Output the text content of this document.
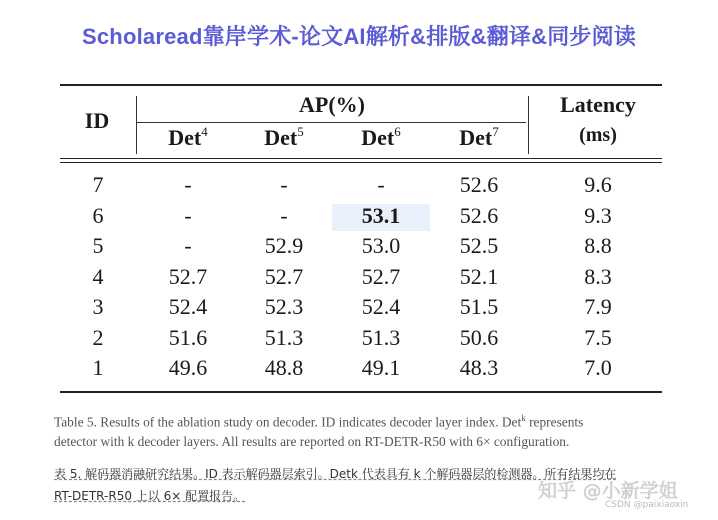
Scholaread靠岸学术-论文AI解析&排版&翻译&同步阅读
ID
AP(%)	Latency
(ms)
Det$^4$	Det$^5$	Det$^6$	Det$^7$
7	-	-	-	52.6	9.6
6	-	-	53.1	52.6	9.3
5	-	52.9	53.0	52.5	8.8
4	52.7	52.7	52.7	52.1	8.3
3	52.4	52.3	52.4	51.5	7.9
2	51.6	51.3	51.3	50.6	7.5
1	49.6	48.8	49.1	48.3	7.0
Table 5. Results of the ablation study on decoder. ID indicates decoder layer index. Det$^k$ represents
detector with k decoder layers. All results are reported on RT-DETR-R50 with 6× configuration.
表 5. 解码器消融研究结果。ID 表示解码器层索引。Detk 代表具有 k 个解码器层的检测器。所有结果均在
RT-DETR-R50 上以 6× 配置报告。	知乎 @小新学姐
CSDN @paixiaoxin
